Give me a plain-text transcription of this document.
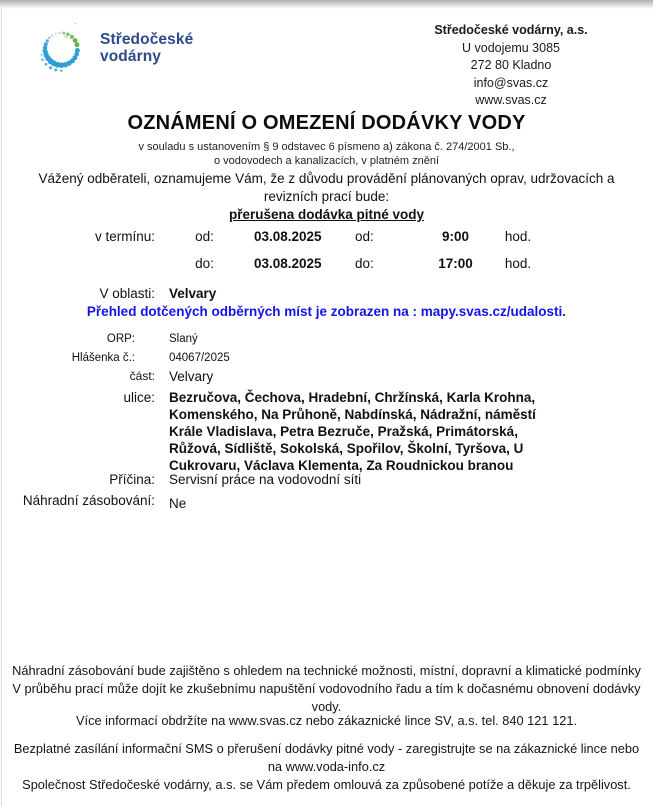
´
Středočeské
vodárny
Středočeské vodárny, a.s.
U vodojemu 3085
272 80 Kladno
info@svas.cz
www.svas.cz
OZNÁMENÍ O OMEZENÍ DODÁVKY VODY
v souladu s ustanovením § 9 odstavec 6 písmeno a) zákona č. 274/2001 Sb.,
o vodovodech a kanalizacích, v platném znění
Vážený odběrateli, oznamujeme Vám, že z důvodu provádění plánovaných oprav, udržovacích a revizních prací bude:
přerušena dodávka pitné vody
v termínu:	od:	03.08.2025	od:	9:00	hod.
do:	03.08.2025	do:	17:00	hod.
V oblasti: Velvary
Přehled dotčených odběrných míst je zobrazen na : mapy.svas.cz/udalosti.
ORP:	Slaný
Hlášenka č.:	04067/2025
část: Velvary
ulice: Bezručova, Čechova, Hradební, Chržínská, Karla Krohna, Komenského, Na Průhoně, Nabdínská, Nádražní, náměstí Krále Vladislava, Petra Bezruče, Pražská, Primátorská, Růžová, Sídliště, Sokolská, Spořilov, Školní, Tyršova, U Cukrovaru, Václava Klementa, Za Roudnickou branou
Příčina: Servisní práce na vodovodní síti
Náhradní zásobování: Ne
Náhradní zásobování bude zajištěno s ohledem na technické možnosti, místní, dopravní a klimatické podmínky V průběhu prací může dojít ke zkušebnímu napuštění vodovodního řadu a tím k dočasnému obnovení dodávky vody.
Více informací obdržíte na www.svas.cz nebo zákaznické lince SV, a.s. tel. 840 121 121.
Bezplatné zasílání informační SMS o přerušení dodávky pitné vody - zaregistrujte se na zákaznické lince nebo na www.voda-info.cz
Společnost Středočeské vodárny, a.s. se Vám předem omlouvá za způsobené potíže a děkuje za trpělivost.
